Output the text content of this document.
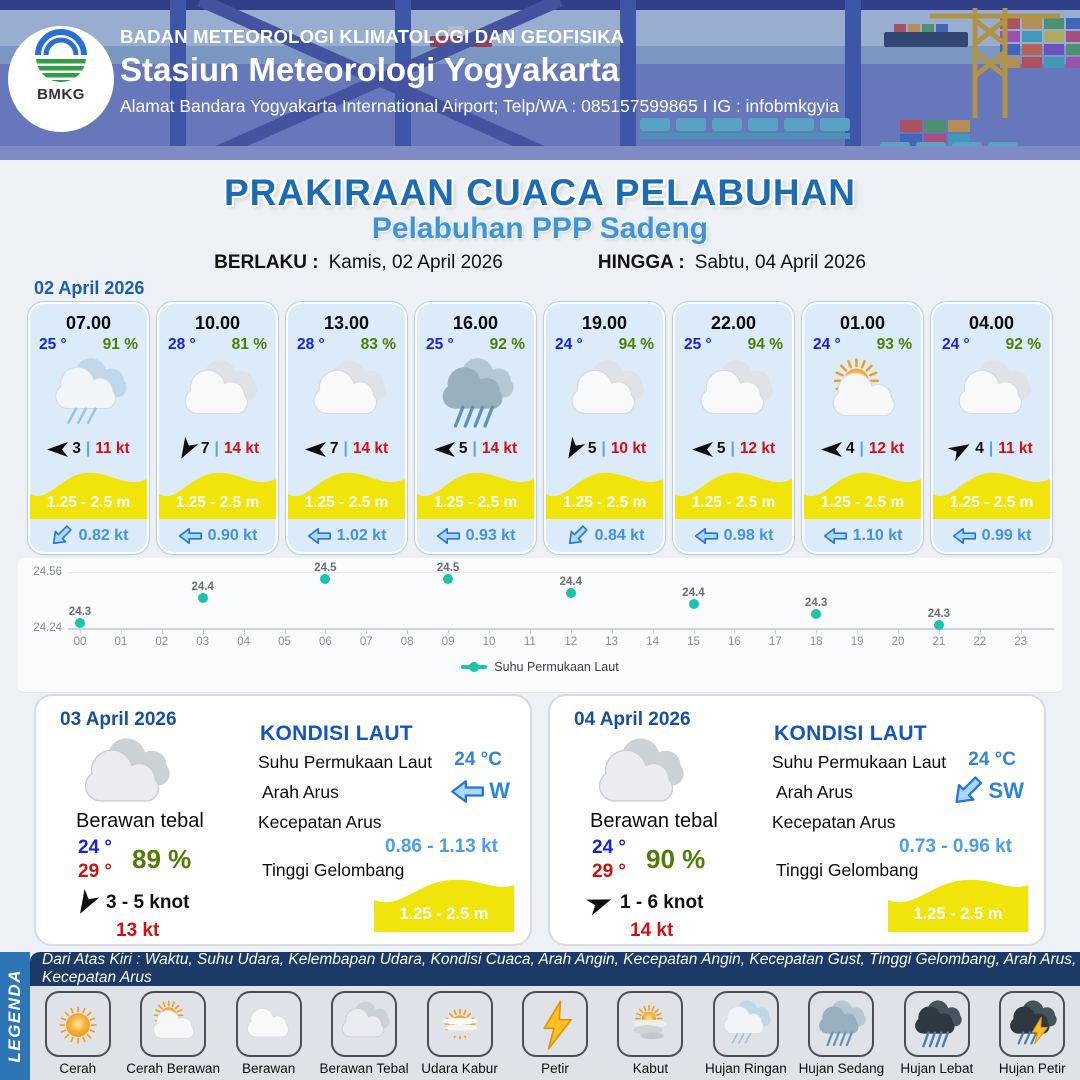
BMKG
BADAN METEOROLOGI KLIMATOLOGI DAN GEOFISIKA
Stasiun Meteorologi Yogyakarta
Alamat Bandara Yogyakarta International Airport; Telp/WA : 085157599865 I IG : infobmkgyia
PRAKIRAAN CUACA PELABUHAN
Pelabuhan PPP Sadeng
BERLAKU : Kamis, 02 April 2026	HINGGA : Sabtu, 04 April 2026
02 April 2026
07.00
25 ° 91 %
3 | 11 kt
1.25 - 2.5 m
0.82 kt
10.00
28 ° 81 %
7 | 14 kt
1.25 - 2.5 m
0.90 kt
13.00
28 ° 83 %
7 | 14 kt
1.25 - 2.5 m
1.02 kt
16.00
25 ° 92 %
5 | 14 kt
1.25 - 2.5 m
0.93 kt
19.00
24 ° 94 %
5 | 10 kt
1.25 - 2.5 m
0.84 kt
22.00
25 ° 94 %
5 | 12 kt
1.25 - 2.5 m
0.98 kt
01.00
24 ° 93 %
4 | 12 kt
1.25 - 2.5 m
1.10 kt
04.00
24 ° 92 %
4 | 11 kt
1.25 - 2.5 m
0.99 kt
24.56
24.24
00 01 02 03 04 05 06 07 08 09 10 11 12 13 14 15 16 17 18 19 20 21 22 23
24.3
24.4
24.5	24.5
24.4
24.4
24.3
24.3
Suhu Permukaan Laut
03 April 2026
Berawan tebal
24 °
29 ° 89 %
3 - 5 knot
13 kt
KONDISI LAUT
Suhu Permukaan Laut 24 °C
Arah Arus	W
Kecepatan Arus
0.86 - 1.13 kt
Tinggi Gelombang
1.25 - 2.5 m
04 April 2026
Berawan tebal
24 °
29 ° 90 %
1 - 6 knot
14 kt
KONDISI LAUT
Suhu Permukaan Laut 24 °C
Arah Arus	SW
Kecepatan Arus
0.73 - 0.96 kt
Tinggi Gelombang
1.25 - 2.5 m
LEGENDA
Dari Atas Kiri : Waktu, Suhu Udara, Kelembapan Udara, Kondisi Cuaca, Arah Angin, Kecepatan Angin, Kecepatan Gust, Tinggi Gelombang, Arah Arus, Kecepatan Arus
Cerah Cerah Berawan Berawan Berawan Tebal Udara Kabur	Petir	Kabut	Hujan Ringan Hujan Sedang Hujan Lebat Hujan Petir
